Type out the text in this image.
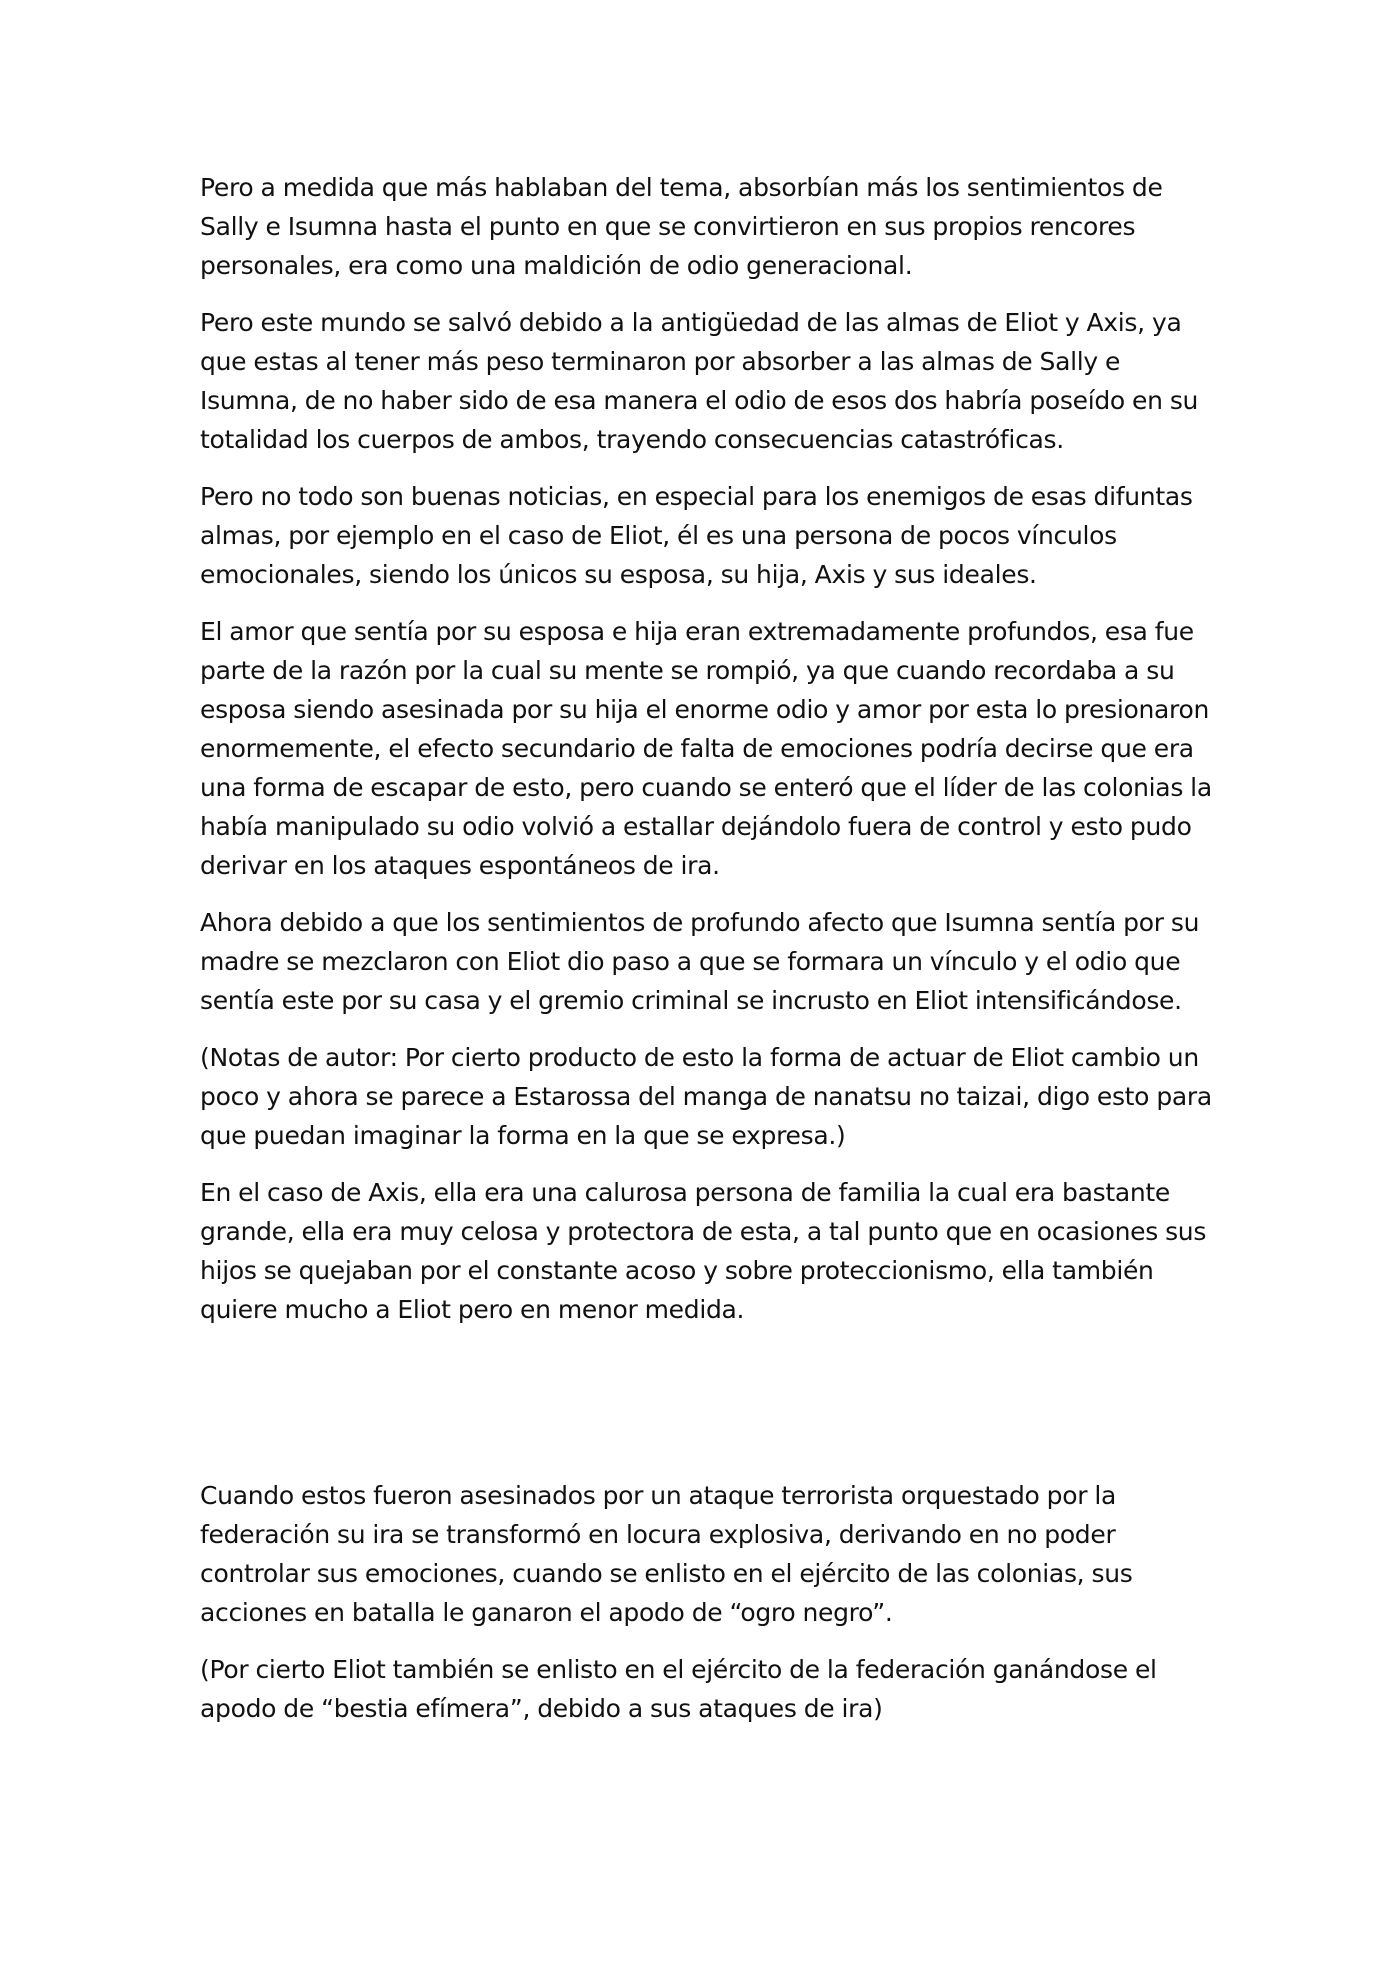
Pero a medida que más hablaban del tema, absorbían más los sentimientos de Sally e Isumna hasta el punto en que se convirtieron en sus propios rencores personales, era como una maldición de odio generacional.

Pero este mundo se salvó debido a la antigüedad de las almas de Eliot y Axis, ya que estas al tener más peso terminaron por absorber a las almas de Sally e Isumna, de no haber sido de esa manera el odio de esos dos habría poseído en su totalidad los cuerpos de ambos, trayendo consecuencias catastróficas.

Pero no todo son buenas noticias, en especial para los enemigos de esas difuntas almas, por ejemplo en el caso de Eliot, él es una persona de pocos vínculos emocionales, siendo los únicos su esposa, su hija, Axis y sus ideales.

El amor que sentía por su esposa e hija eran extremadamente profundos, esa fue parte de la razón por la cual su mente se rompió, ya que cuando recordaba a su esposa siendo asesinada por su hija el enorme odio y amor por esta lo presionaron enormemente, el efecto secundario de falta de emociones podría decirse que era una forma de escapar de esto, pero cuando se enteró que el líder de las colonias la había manipulado su odio volvió a estallar dejándolo fuera de control y esto pudo derivar en los ataques espontáneos de ira.

Ahora debido a que los sentimientos de profundo afecto que Isumna sentía por su madre se mezclaron con Eliot dio paso a que se formara un vínculo y el odio que sentía este por su casa y el gremio criminal se incrusto en Eliot intensificándose.

(Notas de autor: Por cierto producto de esto la forma de actuar de Eliot cambio un poco y ahora se parece a Estarossa del manga de nanatsu no taizai, digo esto para que puedan imaginar la forma en la que se expresa.)

En el caso de Axis, ella era una calurosa persona de familia la cual era bastante grande, ella era muy celosa y protectora de esta, a tal punto que en ocasiones sus hijos se quejaban por el constante acoso y sobre proteccionismo, ella también quiere mucho a Eliot pero en menor medida.

Cuando estos fueron asesinados por un ataque terrorista orquestado por la federación su ira se transformó en locura explosiva, derivando en no poder controlar sus emociones, cuando se enlisto en el ejército de las colonias, sus acciones en batalla le ganaron el apodo de “ogro negro”.

(Por cierto Eliot también se enlisto en el ejército de la federación ganándose el apodo de “bestia efímera”, debido a sus ataques de ira)
